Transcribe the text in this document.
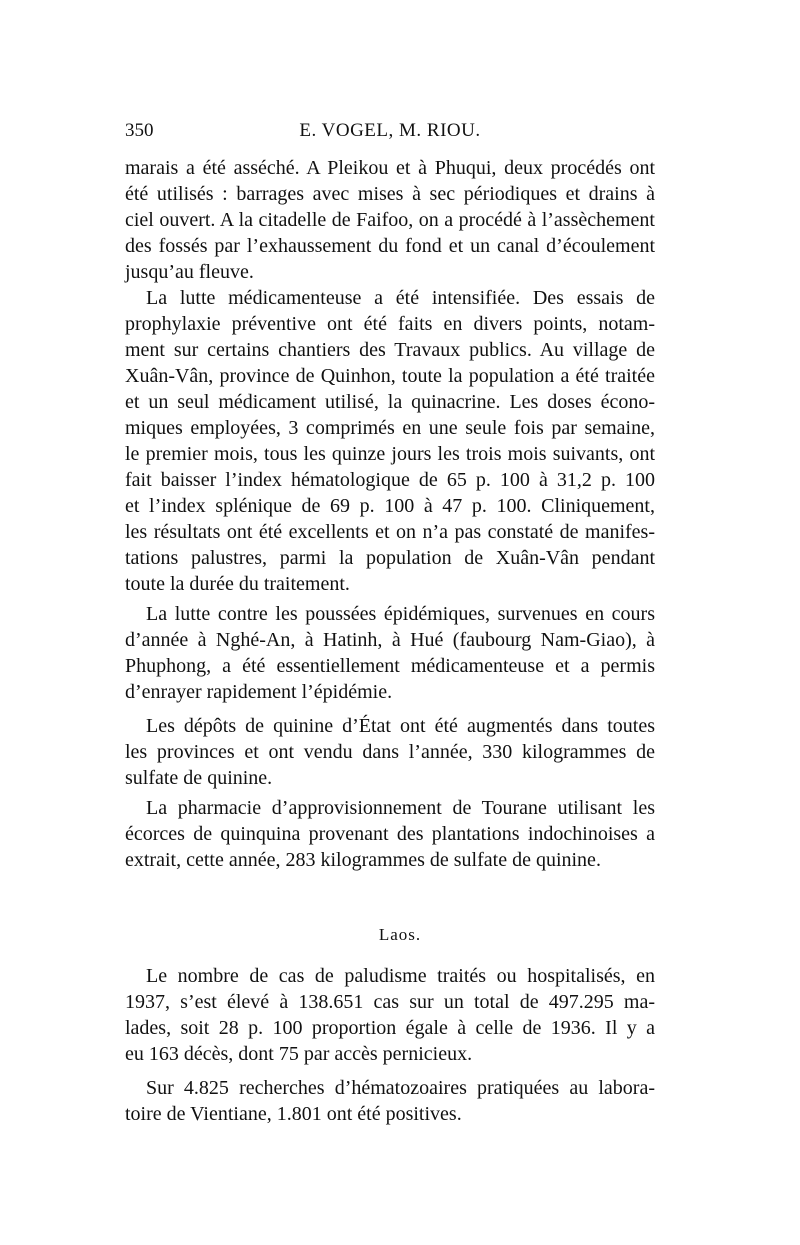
350	E. VOGEL, M. RIOU.
marais a été asséché. A Pleikou et à Phuqui, deux procédés ont
été utilisés : barrages avec mises à sec périodiques et drains à
ciel ouvert. A la citadelle de Faifoo, on a procédé à l’assèchement
des fossés par l’exhaussement du fond et un canal d’écoulement
jusqu’au fleuve.
La lutte médicamenteuse a été intensifiée. Des essais de
prophylaxie préventive ont été faits en divers points, notam-
ment sur certains chantiers des Travaux publics. Au village de
Xuân-Vân, province de Quinhon, toute la population a été traitée
et un seul médicament utilisé, la quinacrine. Les doses écono-
miques employées, 3 comprimés en une seule fois par semaine,
le premier mois, tous les quinze jours les trois mois suivants, ont
fait baisser l’index hématologique de 65 p. 100 à 31,2 p. 100
et l’index splénique de 69 p. 100 à 47 p. 100. Cliniquement,
les résultats ont été excellents et on n’a pas constaté de manifes-
tations palustres, parmi la population de Xuân-Vân pendant
toute la durée du traitement.
La lutte contre les poussées épidémiques, survenues en cours
d’année à Nghé-An, à Hatinh, à Hué (faubourg Nam-Giao), à
Phuphong, a été essentiellement médicamenteuse et a permis
d’enrayer rapidement l’épidémie.
Les dépôts de quinine d’État ont été augmentés dans toutes
les provinces et ont vendu dans l’année, 330 kilogrammes de
sulfate de quinine.
La pharmacie d’approvisionnement de Tourane utilisant les
écorces de quinquina provenant des plantations indochinoises a
extrait, cette année, 283 kilogrammes de sulfate de quinine.
Laos.
Le nombre de cas de paludisme traités ou hospitalisés, en
1937, s’est élevé à 138.651 cas sur un total de 497.295 ma-
lades, soit 28 p. 100 proportion égale à celle de 1936. Il y a
eu 163 décès, dont 75 par accès pernicieux.
Sur 4.825 recherches d’hématozoaires pratiquées au labora-
toire de Vientiane, 1.801 ont été positives.
